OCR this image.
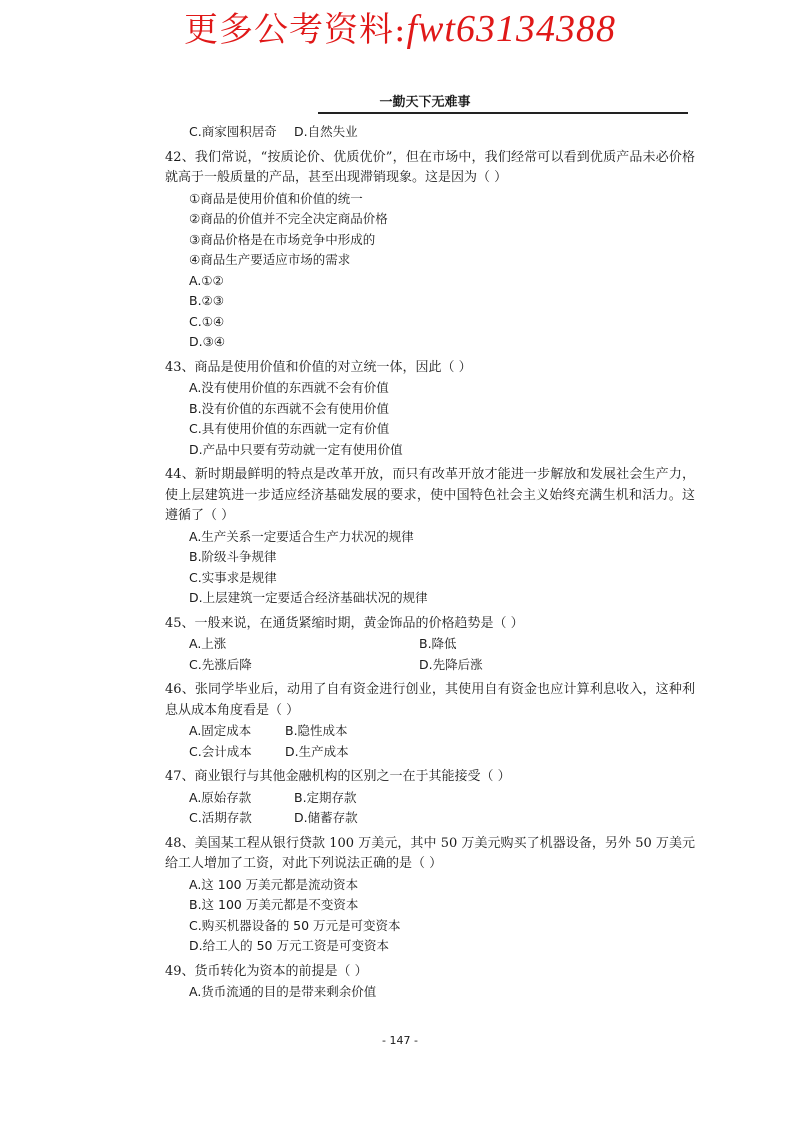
更多公考资料:fwt63134388
一勤天下无难事
C.商家囤积居奇	D.自然失业
42、我们常说，“按质论价、优质优价”，但在市场中，我们经常可以看到优质产品未必价格就高于一般质量的产品，甚至出现滞销现象。这是因为（ ）
①商品是使用价值和价值的统一
②商品的价值并不完全决定商品价格
③商品价格是在市场竞争中形成的
④商品生产要适应市场的需求
A.①②
B.②③
C.①④
D.③④
43、商品是使用价值和价值的对立统一体，因此（ ）
A.没有使用价值的东西就不会有价值
B.没有价值的东西就不会有使用价值
C.具有使用价值的东西就一定有价值
D.产品中只要有劳动就一定有使用价值
44、新时期最鲜明的特点是改革开放，而只有改革开放才能进一步解放和发展社会生产力，使上层建筑进一步适应经济基础发展的要求，使中国特色社会主义始终充满生机和活力。这遵循了（ ）
A.生产关系一定要适合生产力状况的规律
B.阶级斗争规律
C.实事求是规律
D.上层建筑一定要适合经济基础状况的规律
45、一般来说，在通货紧缩时期，黄金饰品的价格趋势是（ ）
A.上涨	B.降低
C.先涨后降	D.先降后涨
46、张同学毕业后，动用了自有资金进行创业，其使用自有资金也应计算利息收入，这种利息从成本角度看是（ ）
A.固定成本	B.隐性成本
C.会计成本	D.生产成本
47、商业银行与其他金融机构的区别之一在于其能接受（ ）
A.原始存款	B.定期存款
C.活期存款	D.储蓄存款
48、美国某工程从银行贷款 100 万美元，其中 50 万美元购买了机器设备，另外 50 万美元给工人增加了工资，对此下列说法正确的是（ ）
A.这 100 万美元都是流动资本
B.这 100 万美元都是不变资本
C.购买机器设备的 50 万元是可变资本
D.给工人的 50 万元工资是可变资本
49、货币转化为资本的前提是（ ）
A.货币流通的目的是带来剩余价值
- 147 -
